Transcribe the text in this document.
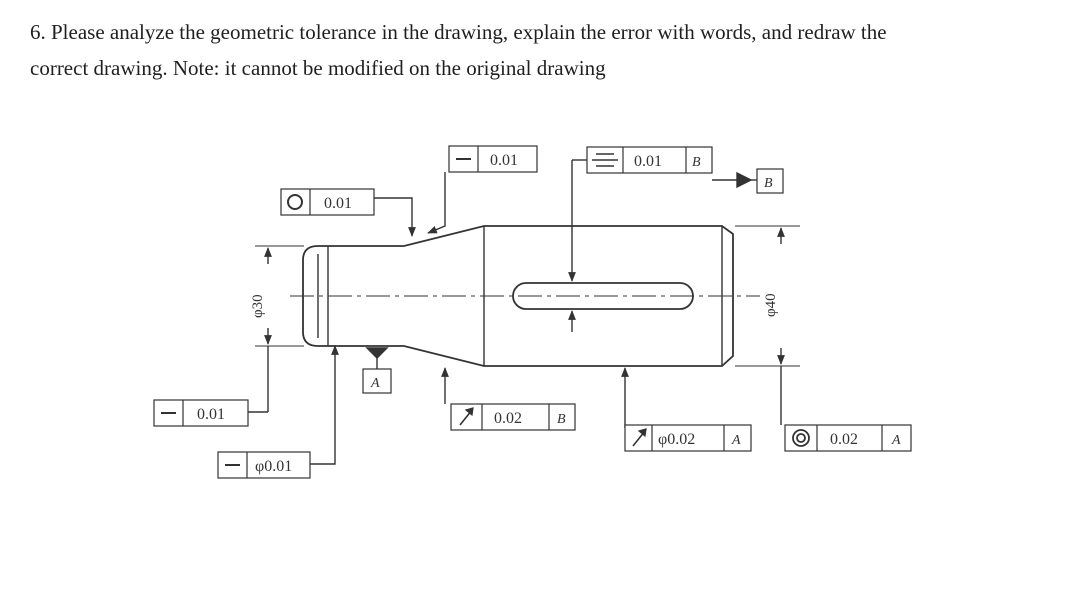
6. Please analyze the geometric tolerance in the drawing, explain the error with words, and redraw the
correct drawing. Note: it cannot be modified on the original drawing
0.01	0.01 B
B
0.01
A
0.01
φ0.01
0.02	B
φ0.02	A	0.02 A
φ30	φ40
